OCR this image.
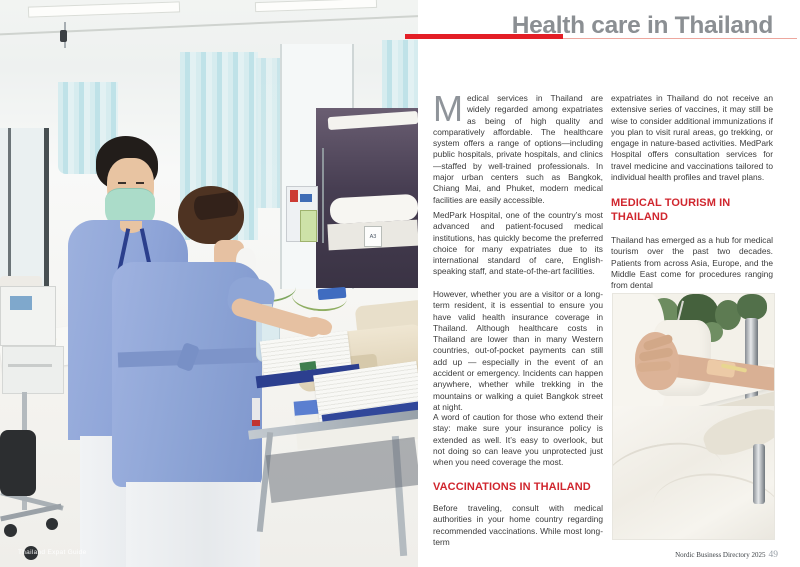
A3
Thailand Expat Guide
Health care in Thailand

Medical services in Thailand are widely regarded among expatriates as being of high quality and comparatively affordable. The healthcare system offers a range of options—including public hospitals, private hospitals, and clinics—staffed by well-trained professionals. In major urban centers such as Bangkok, Chiang Mai, and Phuket, modern medical facilities are easily accessible.

MedPark Hospital, one of the country’s most advanced and patient-focused medical institutions, has quickly become the preferred choice for many expatriates due to its international standard of care, English-speaking staff, and state-of-the-art facilities.

However, whether you are a visitor or a long-term resident, it is essential to ensure you have valid health insurance coverage in Thailand. Although healthcare costs in Thailand are lower than in many Western countries, out-of-pocket payments can still add up — especially in the event of an accident or emergency. Incidents can happen anywhere, whether while trekking in the mountains or walking a quiet Bangkok street at night.

A word of caution for those who extend their stay: make sure your insurance policy is extended as well. It’s easy to overlook, but not doing so can leave you unprotected just when you need coverage the most.

VACCINATIONS IN THAILAND

Before traveling, consult with medical authorities in your home country regarding recommended vaccinations. While most long-term

expatriates in Thailand do not receive an extensive series of vaccines, it may still be wise to consider additional immunizations if you plan to visit rural areas, go trekking, or engage in nature-based activities. MedPark Hospital offers consultation services for travel medicine and vaccinations tailored to individual health profiles and travel plans.

MEDICAL TOURISM IN THAILAND

Thailand has emerged as a hub for medical tourism over the past two decades. Patients from across Asia, Europe, and the Middle East come for procedures ranging from dental

Nordic Business Directory 2025 49
